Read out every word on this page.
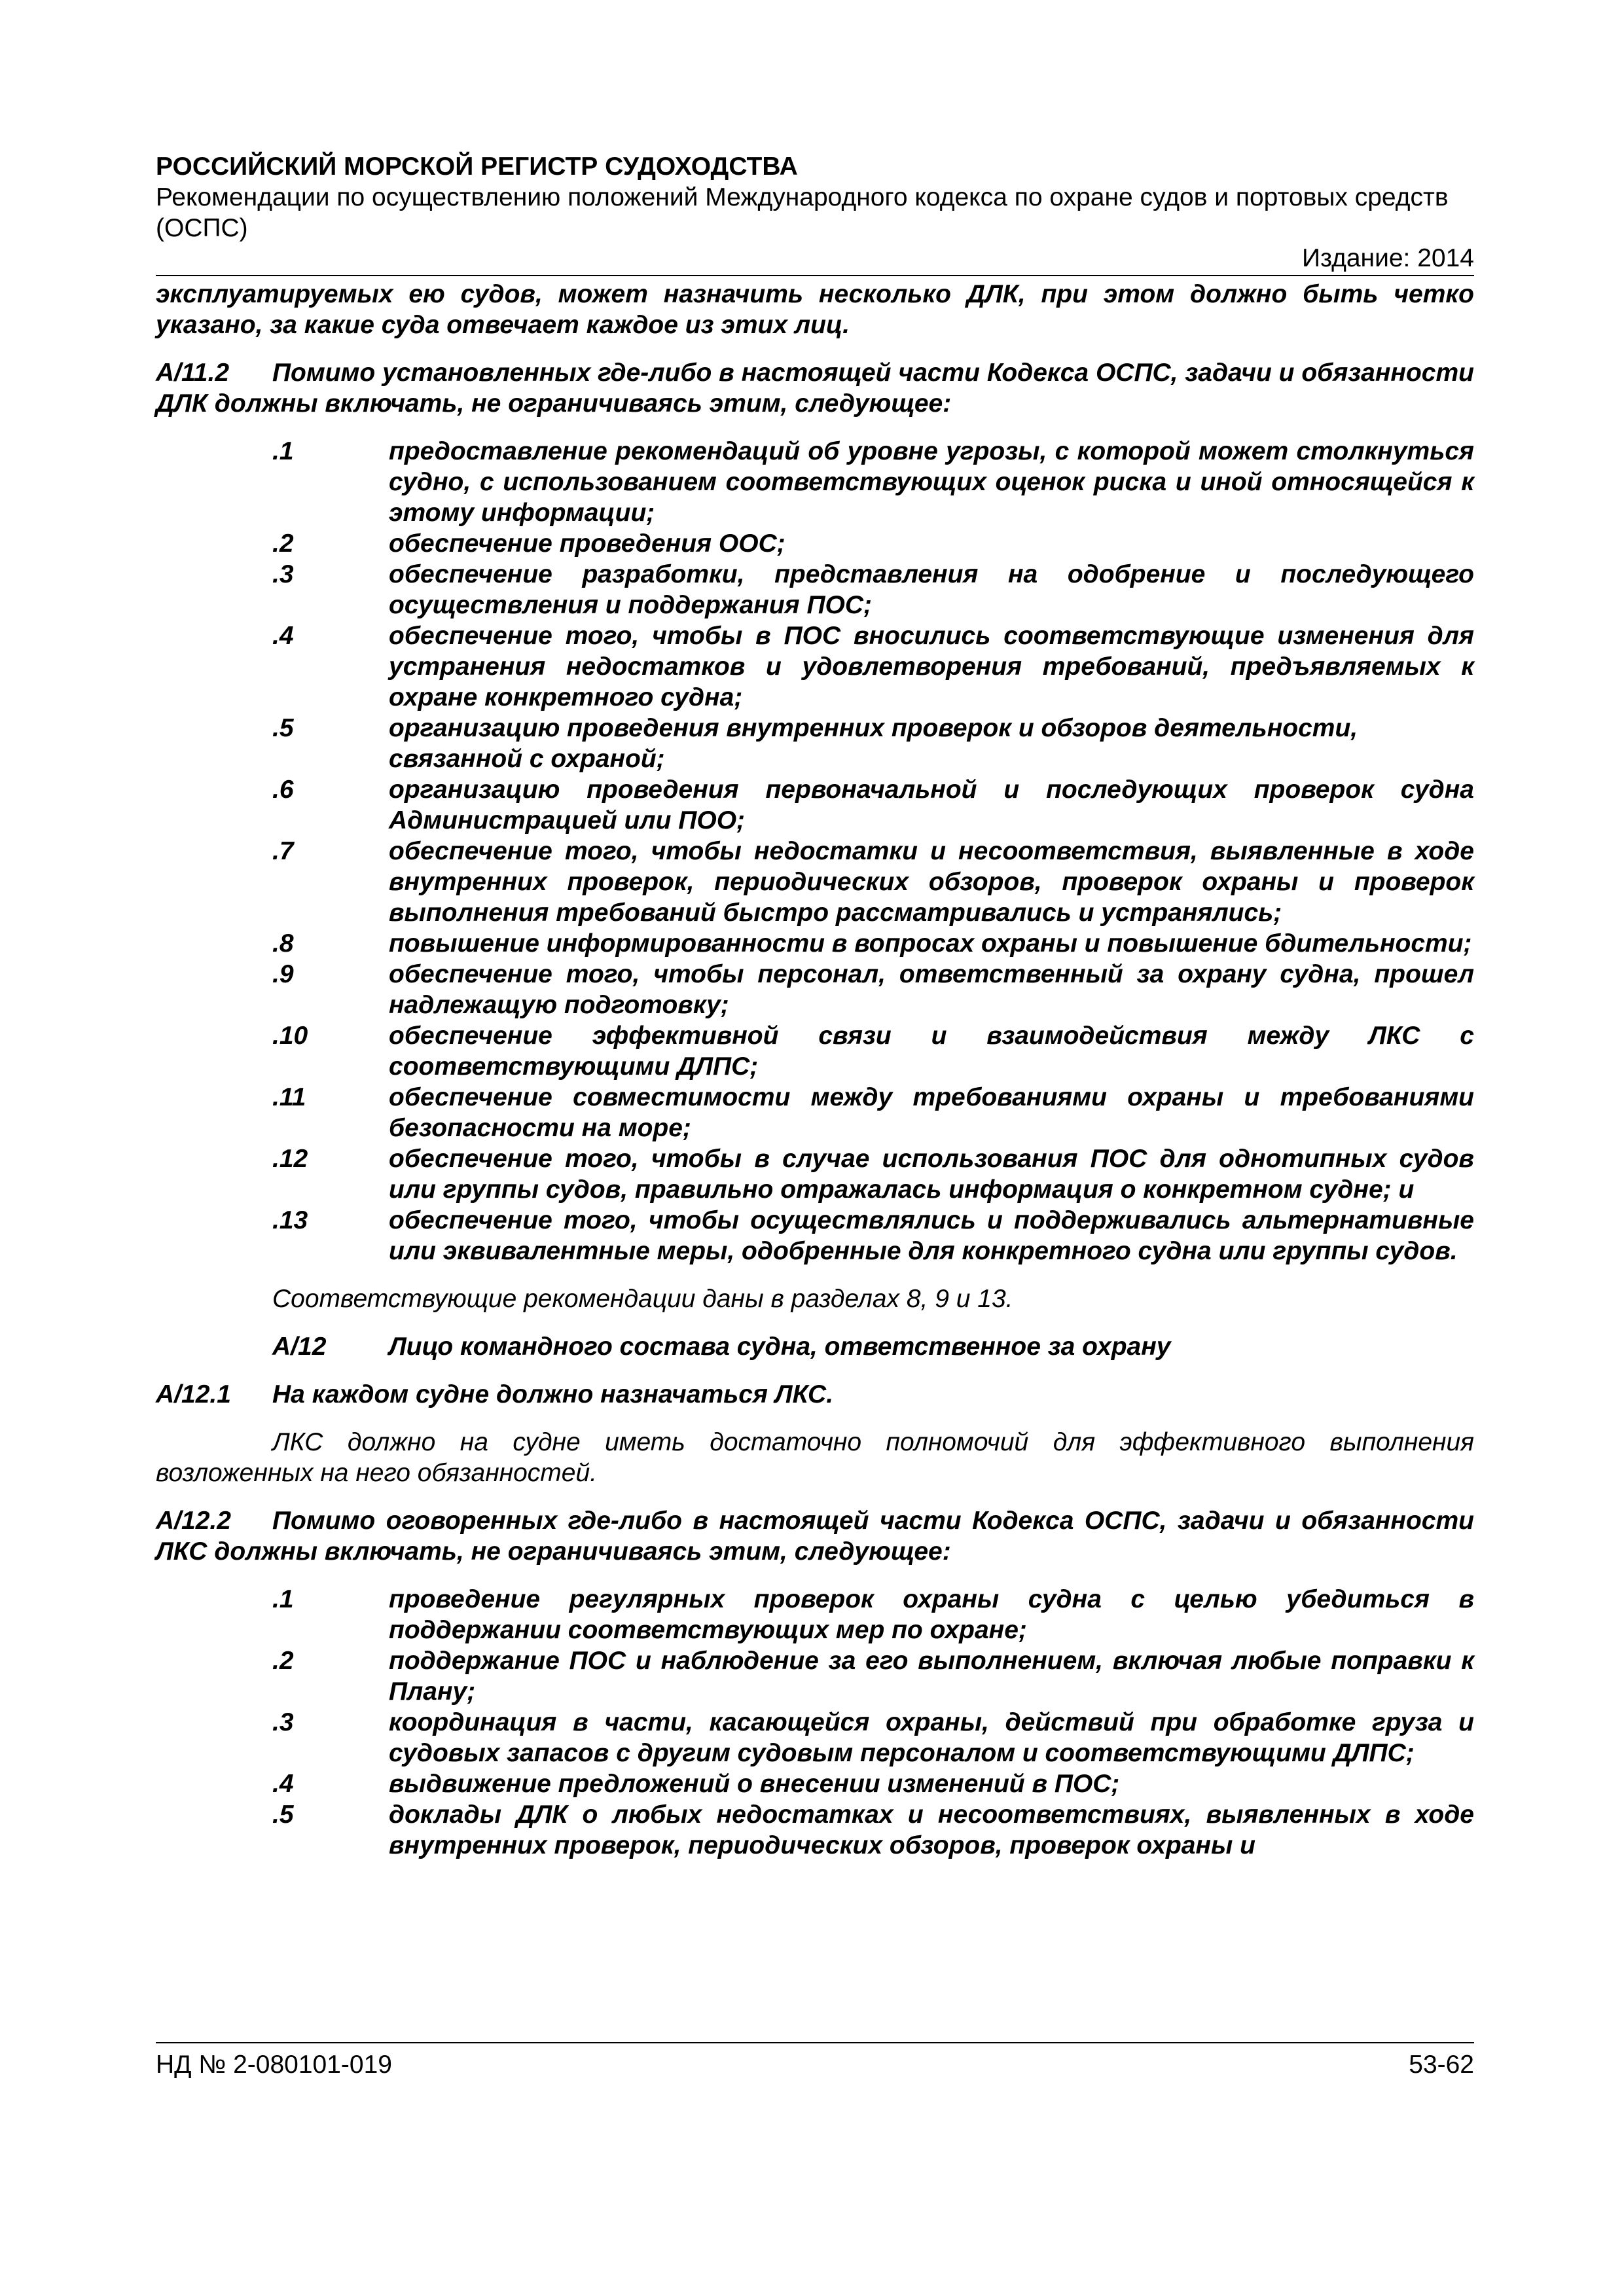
РОССИЙСКИЙ МОРСКОЙ РЕГИСТР СУДОХОДСТВА

Рекомендации по осуществлению положений Международного кодекса по охране судов и портовых средств (ОСПС)

Издание: 2014

эксплуатируемых ею судов, может назначить несколько ДЛК, при этом должно быть четко указано, за какие суда отвечает каждое из этих лиц.

A/11.2 Помимо установленных где-либо в настоящей части Кодекса ОСПС, задачи и обязанности ДЛК должны включать, не ограничиваясь этим, следующее:

.1	предоставление рекомендаций об уровне угрозы, с которой может столкнуться судно, с использованием соответствующих оценок риска и иной относящейся к этому информации;
.2	обеспечение проведения ООС;
.3	обеспечение разработки, представления на одобрение и последующего осуществления и поддержания ПОС;
.4	обеспечение того, чтобы в ПОС вносились соответствующие изменения для устранения недостатков и удовлетворения требований, предъявляемых к охране конкретного судна;
.5	организацию проведения внутренних проверок и обзоров деятельности, связанной с охраной;
.6	организацию проведения первоначальной и последующих проверок судна Администрацией или ПОО;
.7	обеспечение того, чтобы недостатки и несоответствия, выявленные в ходе внутренних проверок, периодических обзоров, проверок охраны и проверок выполнения требований быстро рассматривались и устранялись;
.8	повышение информированности в вопросах охраны и повышение бдительности;
.9	обеспечение того, чтобы персонал, ответственный за охрану судна, прошел надлежащую подготовку;
.10	обеспечение эффективной связи и взаимодействия между ЛКС с соответствующими ДЛПС;
.11	обеспечение совместимости между требованиями охраны и требованиями безопасности на море;
.12	обеспечение того, чтобы в случае использования ПОС для однотипных судов или группы судов, правильно отражалась информация о конкретном судне; и
.13	обеспечение того, чтобы осуществлялись и поддерживались альтернативные или эквивалентные меры, одобренные для конкретного судна или группы судов.

Соответствующие рекомендации даны в разделах 8, 9 и 13.

A/12	Лицо командного состава судна, ответственное за охрану

A/12.1 На каждом судне должно назначаться ЛКС.

ЛКС должно на судне иметь достаточно полномочий для эффективного выполнения возложенных на него обязанностей.

A/12.2 Помимо оговоренных где-либо в настоящей части Кодекса ОСПС, задачи и обязанности ЛКС должны включать, не ограничиваясь этим, следующее:

.1	проведение регулярных проверок охраны судна с целью убедиться в поддержании соответствующих мер по охране;
.2	поддержание ПОС и наблюдение за его выполнением, включая любые поправки к Плану;
.3	координация в части, касающейся охраны, действий при обработке груза и судовых запасов с другим судовым персоналом и соответствующими ДЛПС;
.4	выдвижение предложений о внесении изменений в ПОС;
.5	доклады ДЛК о любых недостатках и несоответствиях, выявленных в ходе внутренних проверок, периодических обзоров, проверок охраны и
НД № 2-080101-019	53-62
